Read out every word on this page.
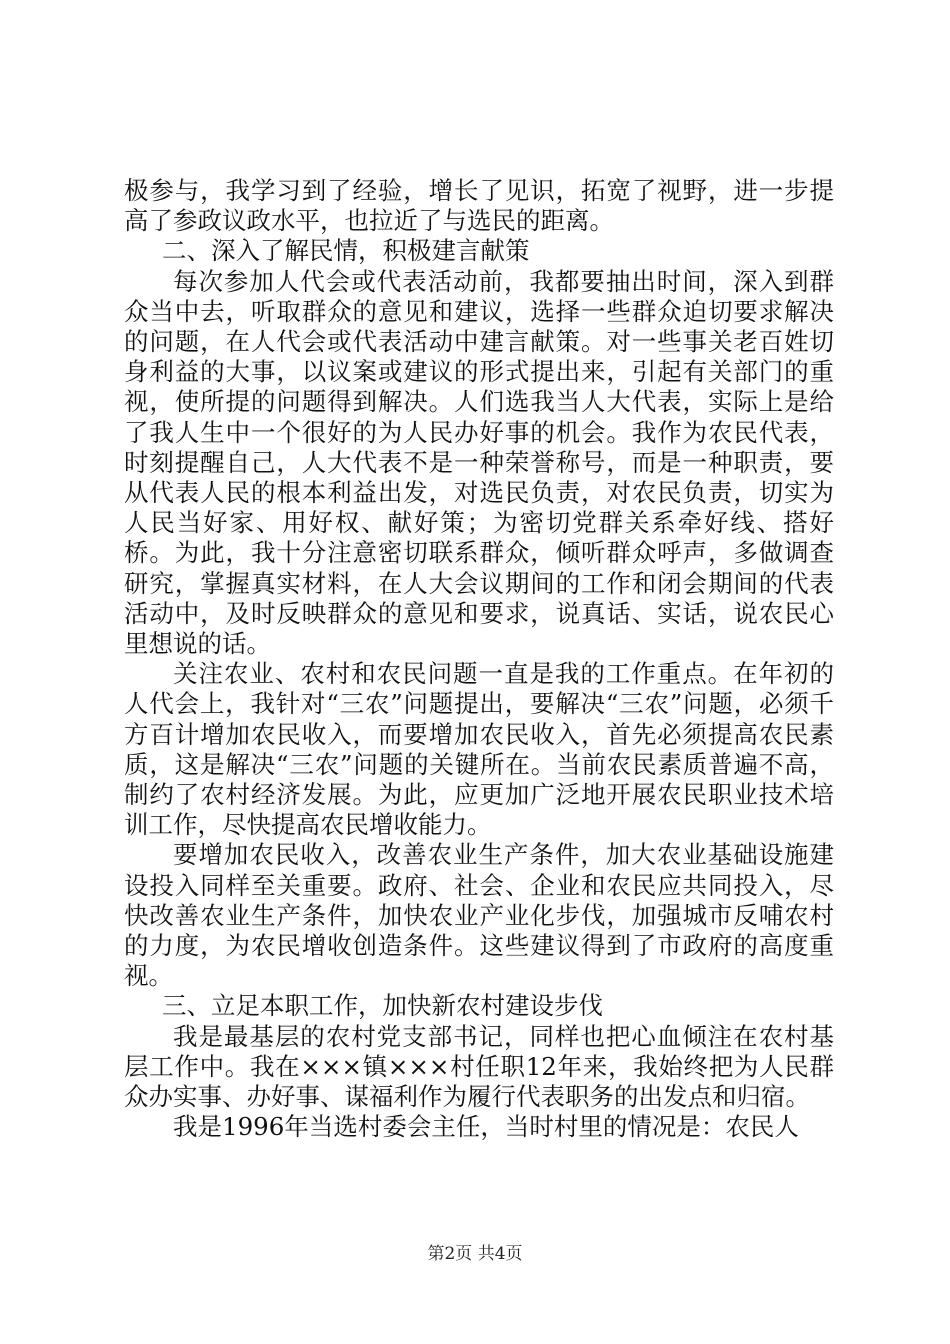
极参与，我学习到了经验，增长了见识，拓宽了视野，进一步提高了参政议政水平，也拉近了与选民的距离。

二、深入了解民情，积极建言献策

每次参加人代会或代表活动前，我都要抽出时间，深入到群众当中去，听取群众的意见和建议，选择一些群众迫切要求解决的问题，在人代会或代表活动中建言献策。对一些事关老百姓切身利益的大事，以议案或建议的形式提出来，引起有关部门的重视，使所提的问题得到解决。人们选我当人大代表，实际上是给了我人生中一个很好的为人民办好事的机会。我作为农民代表，时刻提醒自己，人大代表不是一种荣誉称号，而是一种职责，要从代表人民的根本利益出发，对选民负责，对农民负责，切实为人民当好家、用好权、献好策；为密切党群关系牵好线、搭好桥。为此，我十分注意密切联系群众，倾听群众呼声，多做调查研究，掌握真实材料，在人大会议期间的工作和闭会期间的代表活动中，及时反映群众的意见和要求，说真话、实话，说农民心里想说的话。

关注农业、农村和农民问题一直是我的工作重点。在年初的人代会上，我针对“三农”问题提出，要解决“三农”问题，必须千方百计增加农民收入，而要增加农民收入，首先必须提高农民素质，这是解决“三农”问题的关键所在。当前农民素质普遍不高，制约了农村经济发展。为此，应更加广泛地开展农民职业技术培训工作，尽快提高农民增收能力。

要增加农民收入，改善农业生产条件，加大农业基础设施建设投入同样至关重要。政府、社会、企业和农民应共同投入，尽快改善农业生产条件，加快农业产业化步伐，加强城市反哺农村的力度，为农民增收创造条件。这些建议得到了市政府的高度重视。

三、立足本职工作，加快新农村建设步伐

我是最基层的农村党支部书记，同样也把心血倾注在农村基层工作中。我在×××镇×××村任职12年来，我始终把为人民群众办实事、办好事、谋福利作为履行代表职务的出发点和归宿。

我是1996年当选村委会主任，当时村里的情况是：农民人

第2页 共4页
